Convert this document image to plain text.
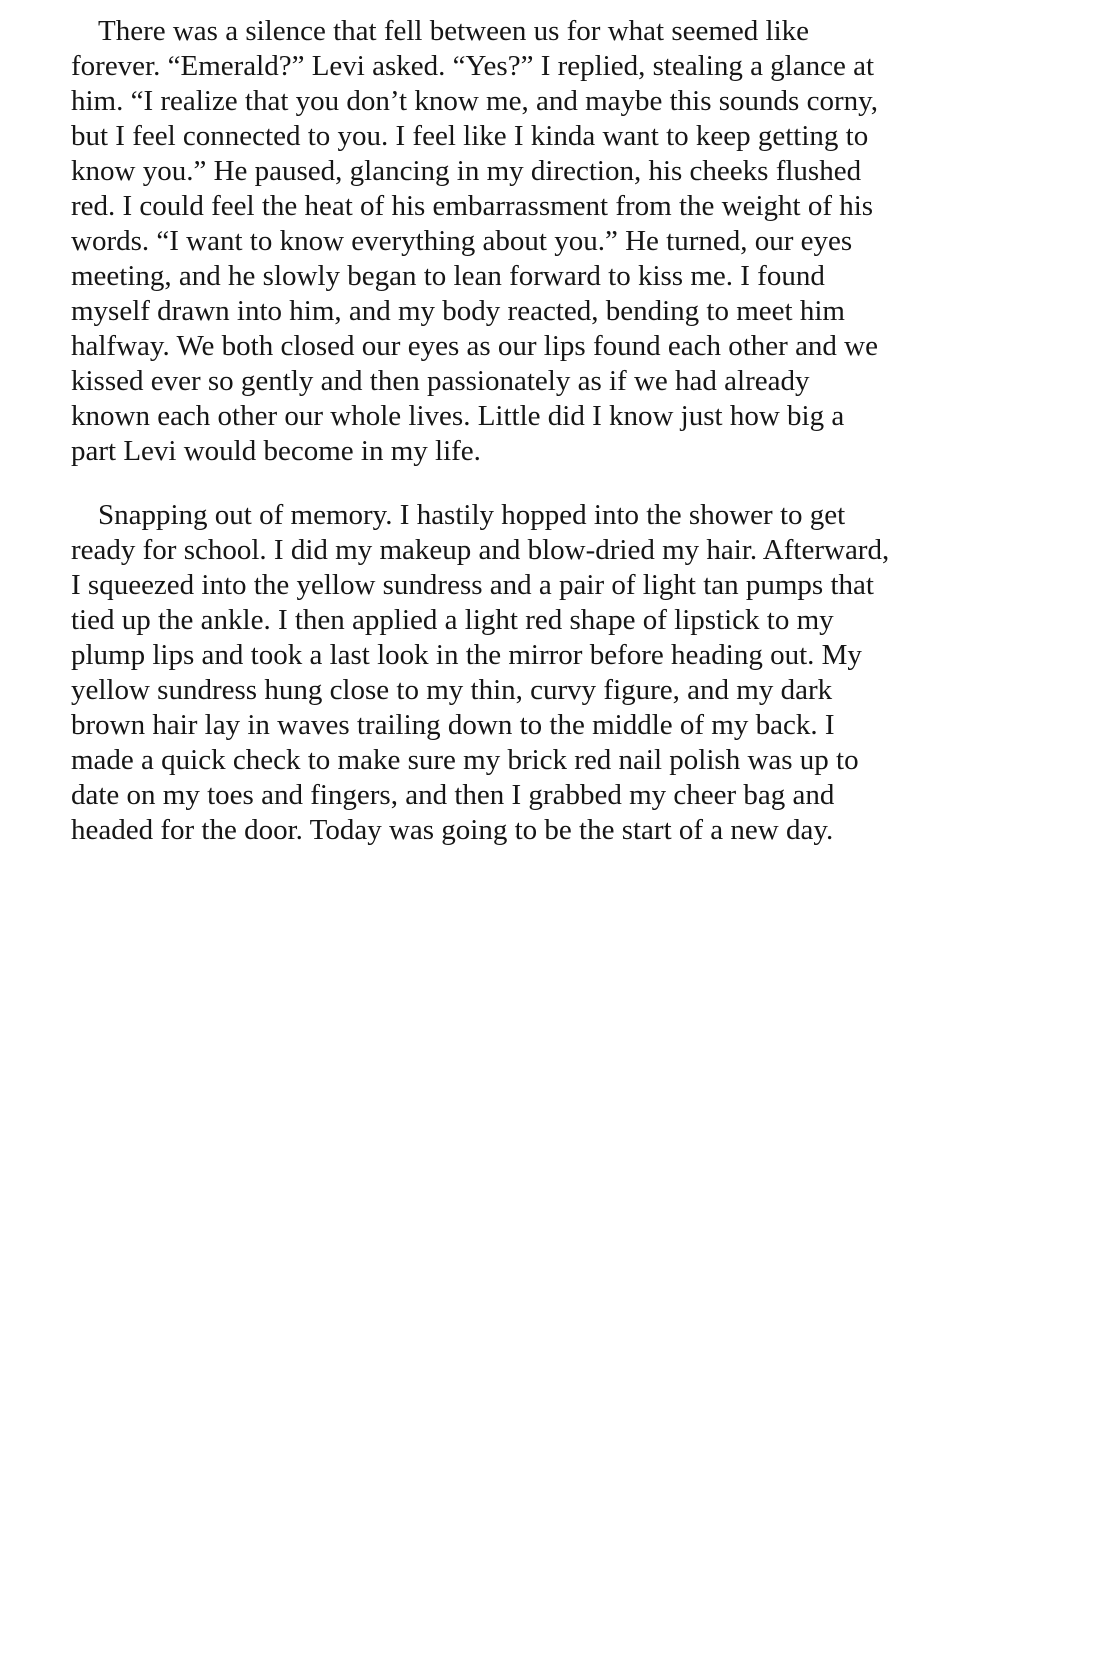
There was a silence that fell between us for what seemed like
forever. “Emerald?” Levi asked. “Yes?” I replied, stealing a glance at
him. “I realize that you don’t know me, and maybe this sounds corny,
but I feel connected to you. I feel like I kinda want to keep getting to
know you.” He paused, glancing in my direction, his cheeks flushed
red. I could feel the heat of his embarrassment from the weight of his
words. “I want to know everything about you.” He turned, our eyes
meeting, and he slowly began to lean forward to kiss me. I found
myself drawn into him, and my body reacted, bending to meet him
halfway. We both closed our eyes as our lips found each other and we
kissed ever so gently and then passionately as if we had already
known each other our whole lives. Little did I know just how big a
part Levi would become in my life.

Snapping out of memory. I hastily hopped into the shower to get
ready for school. I did my makeup and blow-dried my hair. Afterward,
I squeezed into the yellow sundress and a pair of light tan pumps that
tied up the ankle. I then applied a light red shape of lipstick to my
plump lips and took a last look in the mirror before heading out. My
yellow sundress hung close to my thin, curvy figure, and my dark
brown hair lay in waves trailing down to the middle of my back. I
made a quick check to make sure my brick red nail polish was up to
date on my toes and fingers, and then I grabbed my cheer bag and
headed for the door. Today was going to be the start of a new day.
